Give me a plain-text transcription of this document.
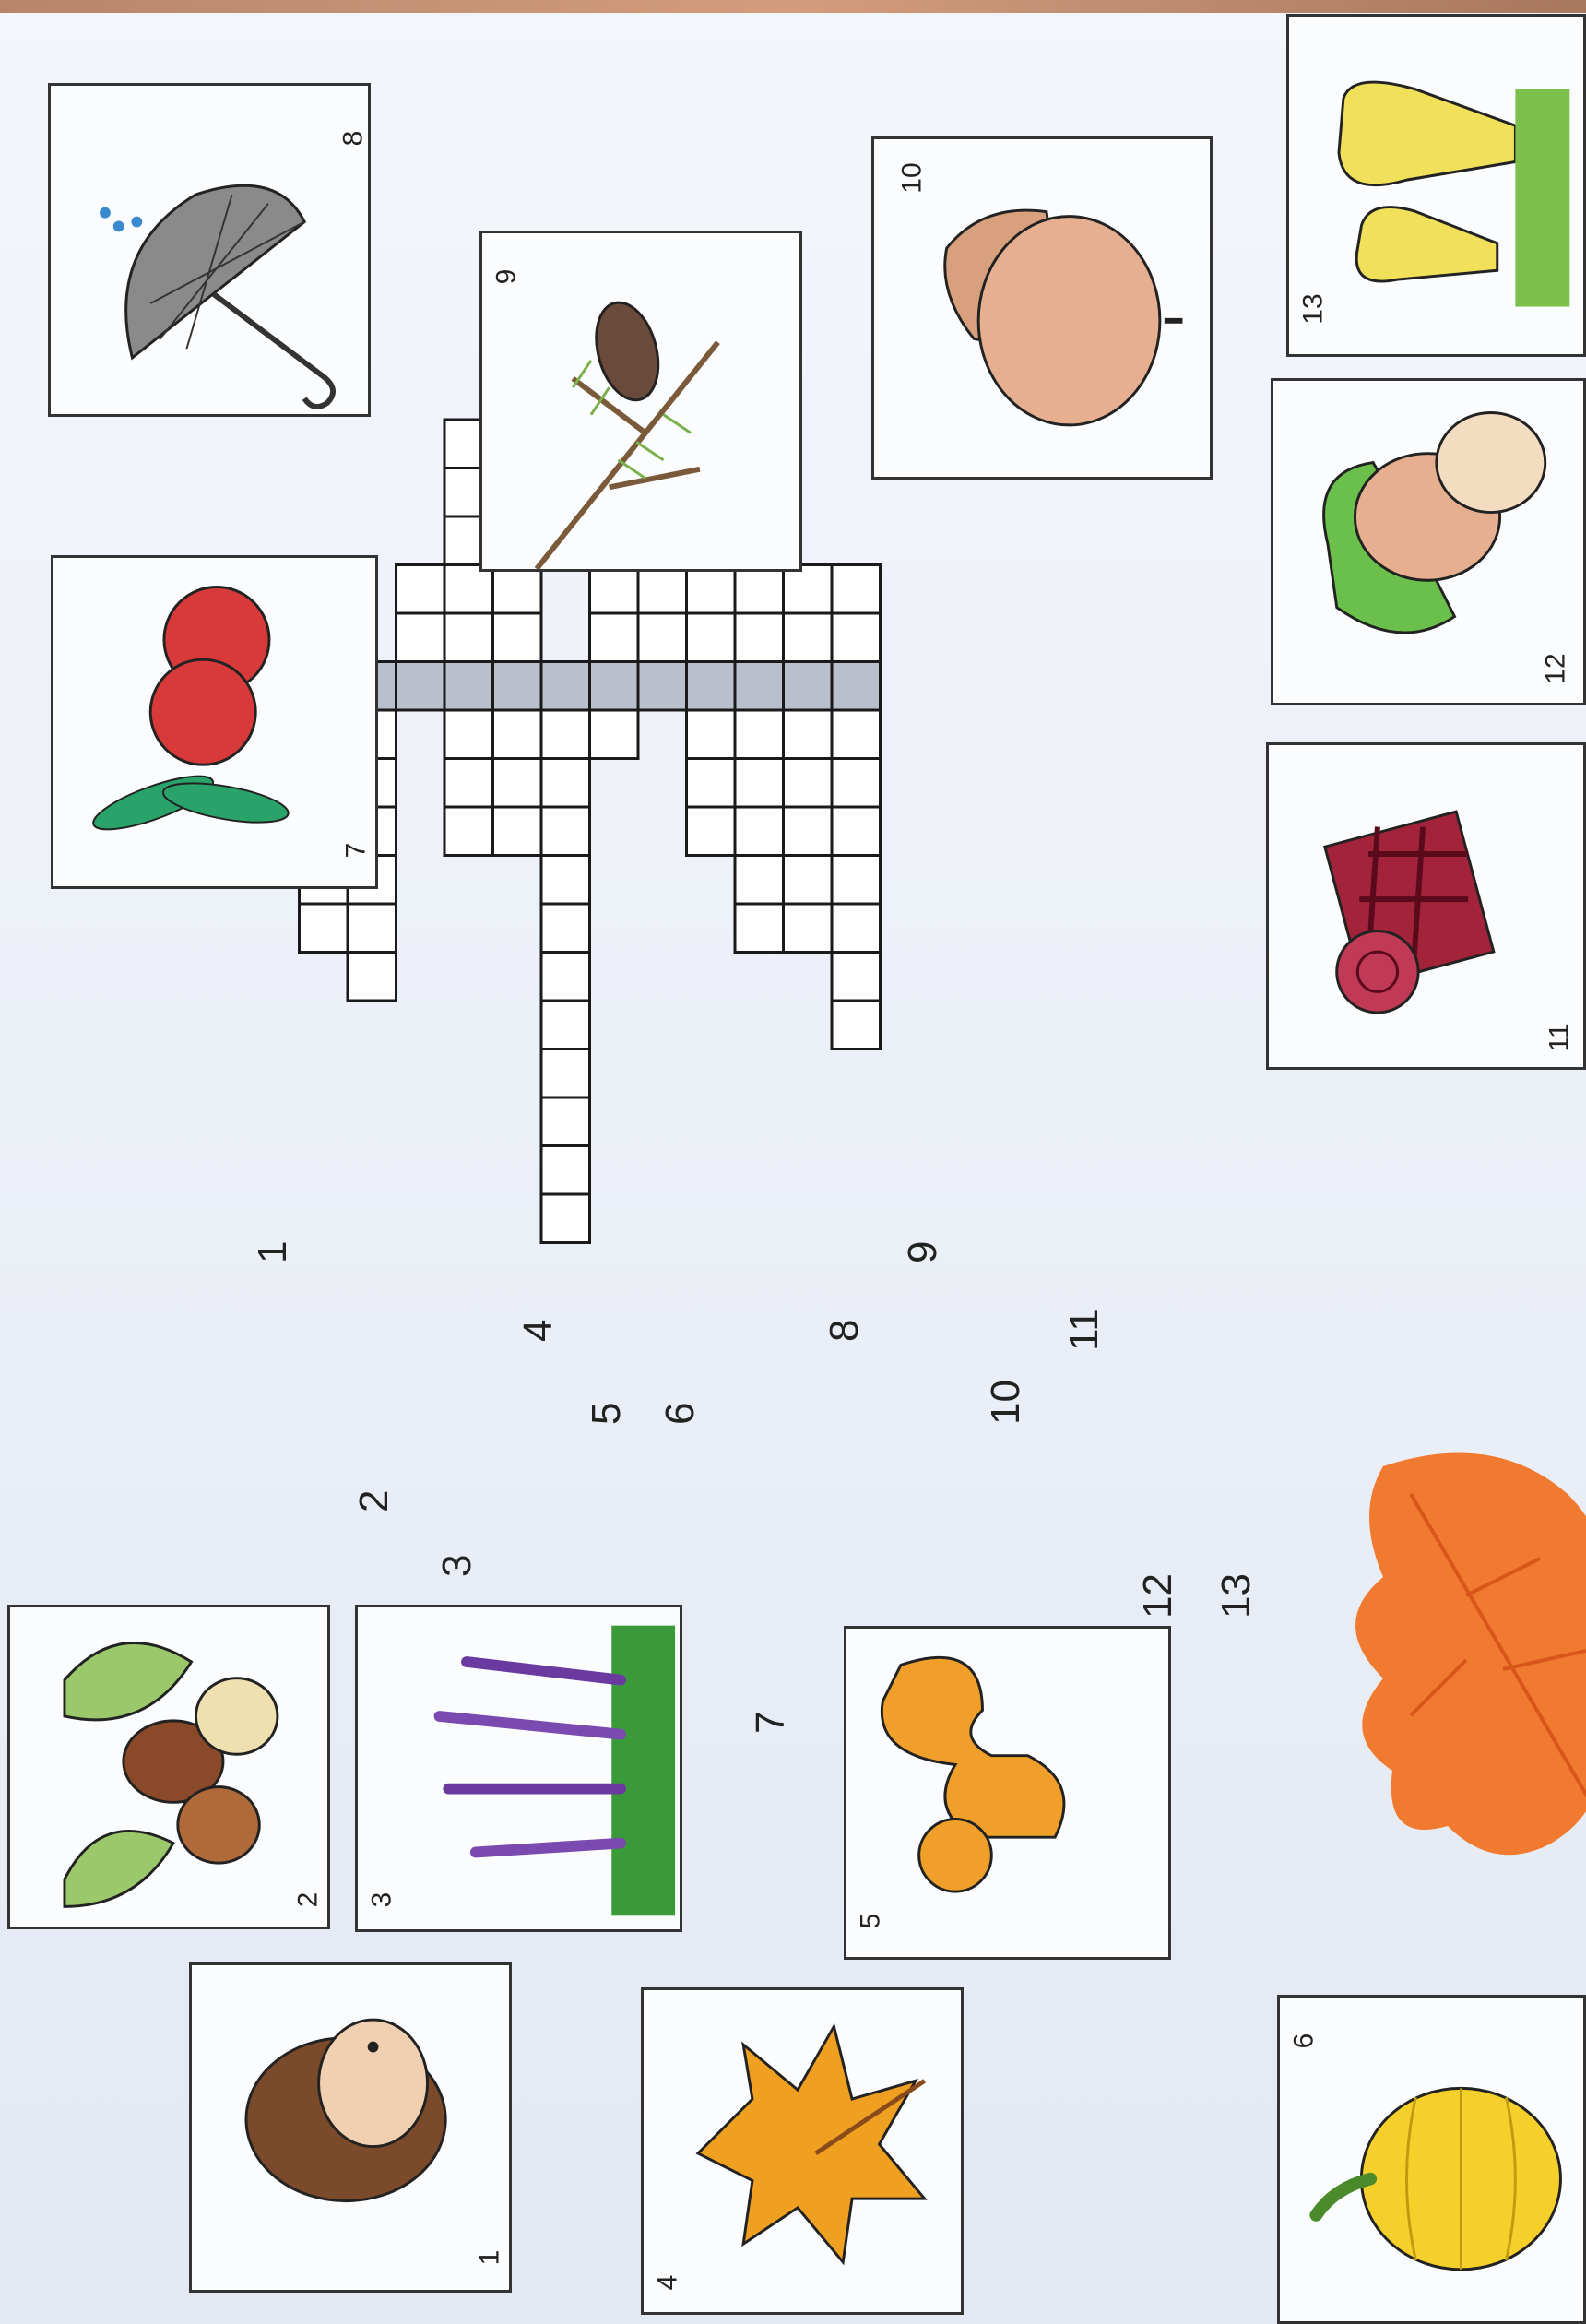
1
2
3
4
5 6
7
8
9
10
11
12 13
8
9
10
13
7
12
11
2 3
5
1
4
6
